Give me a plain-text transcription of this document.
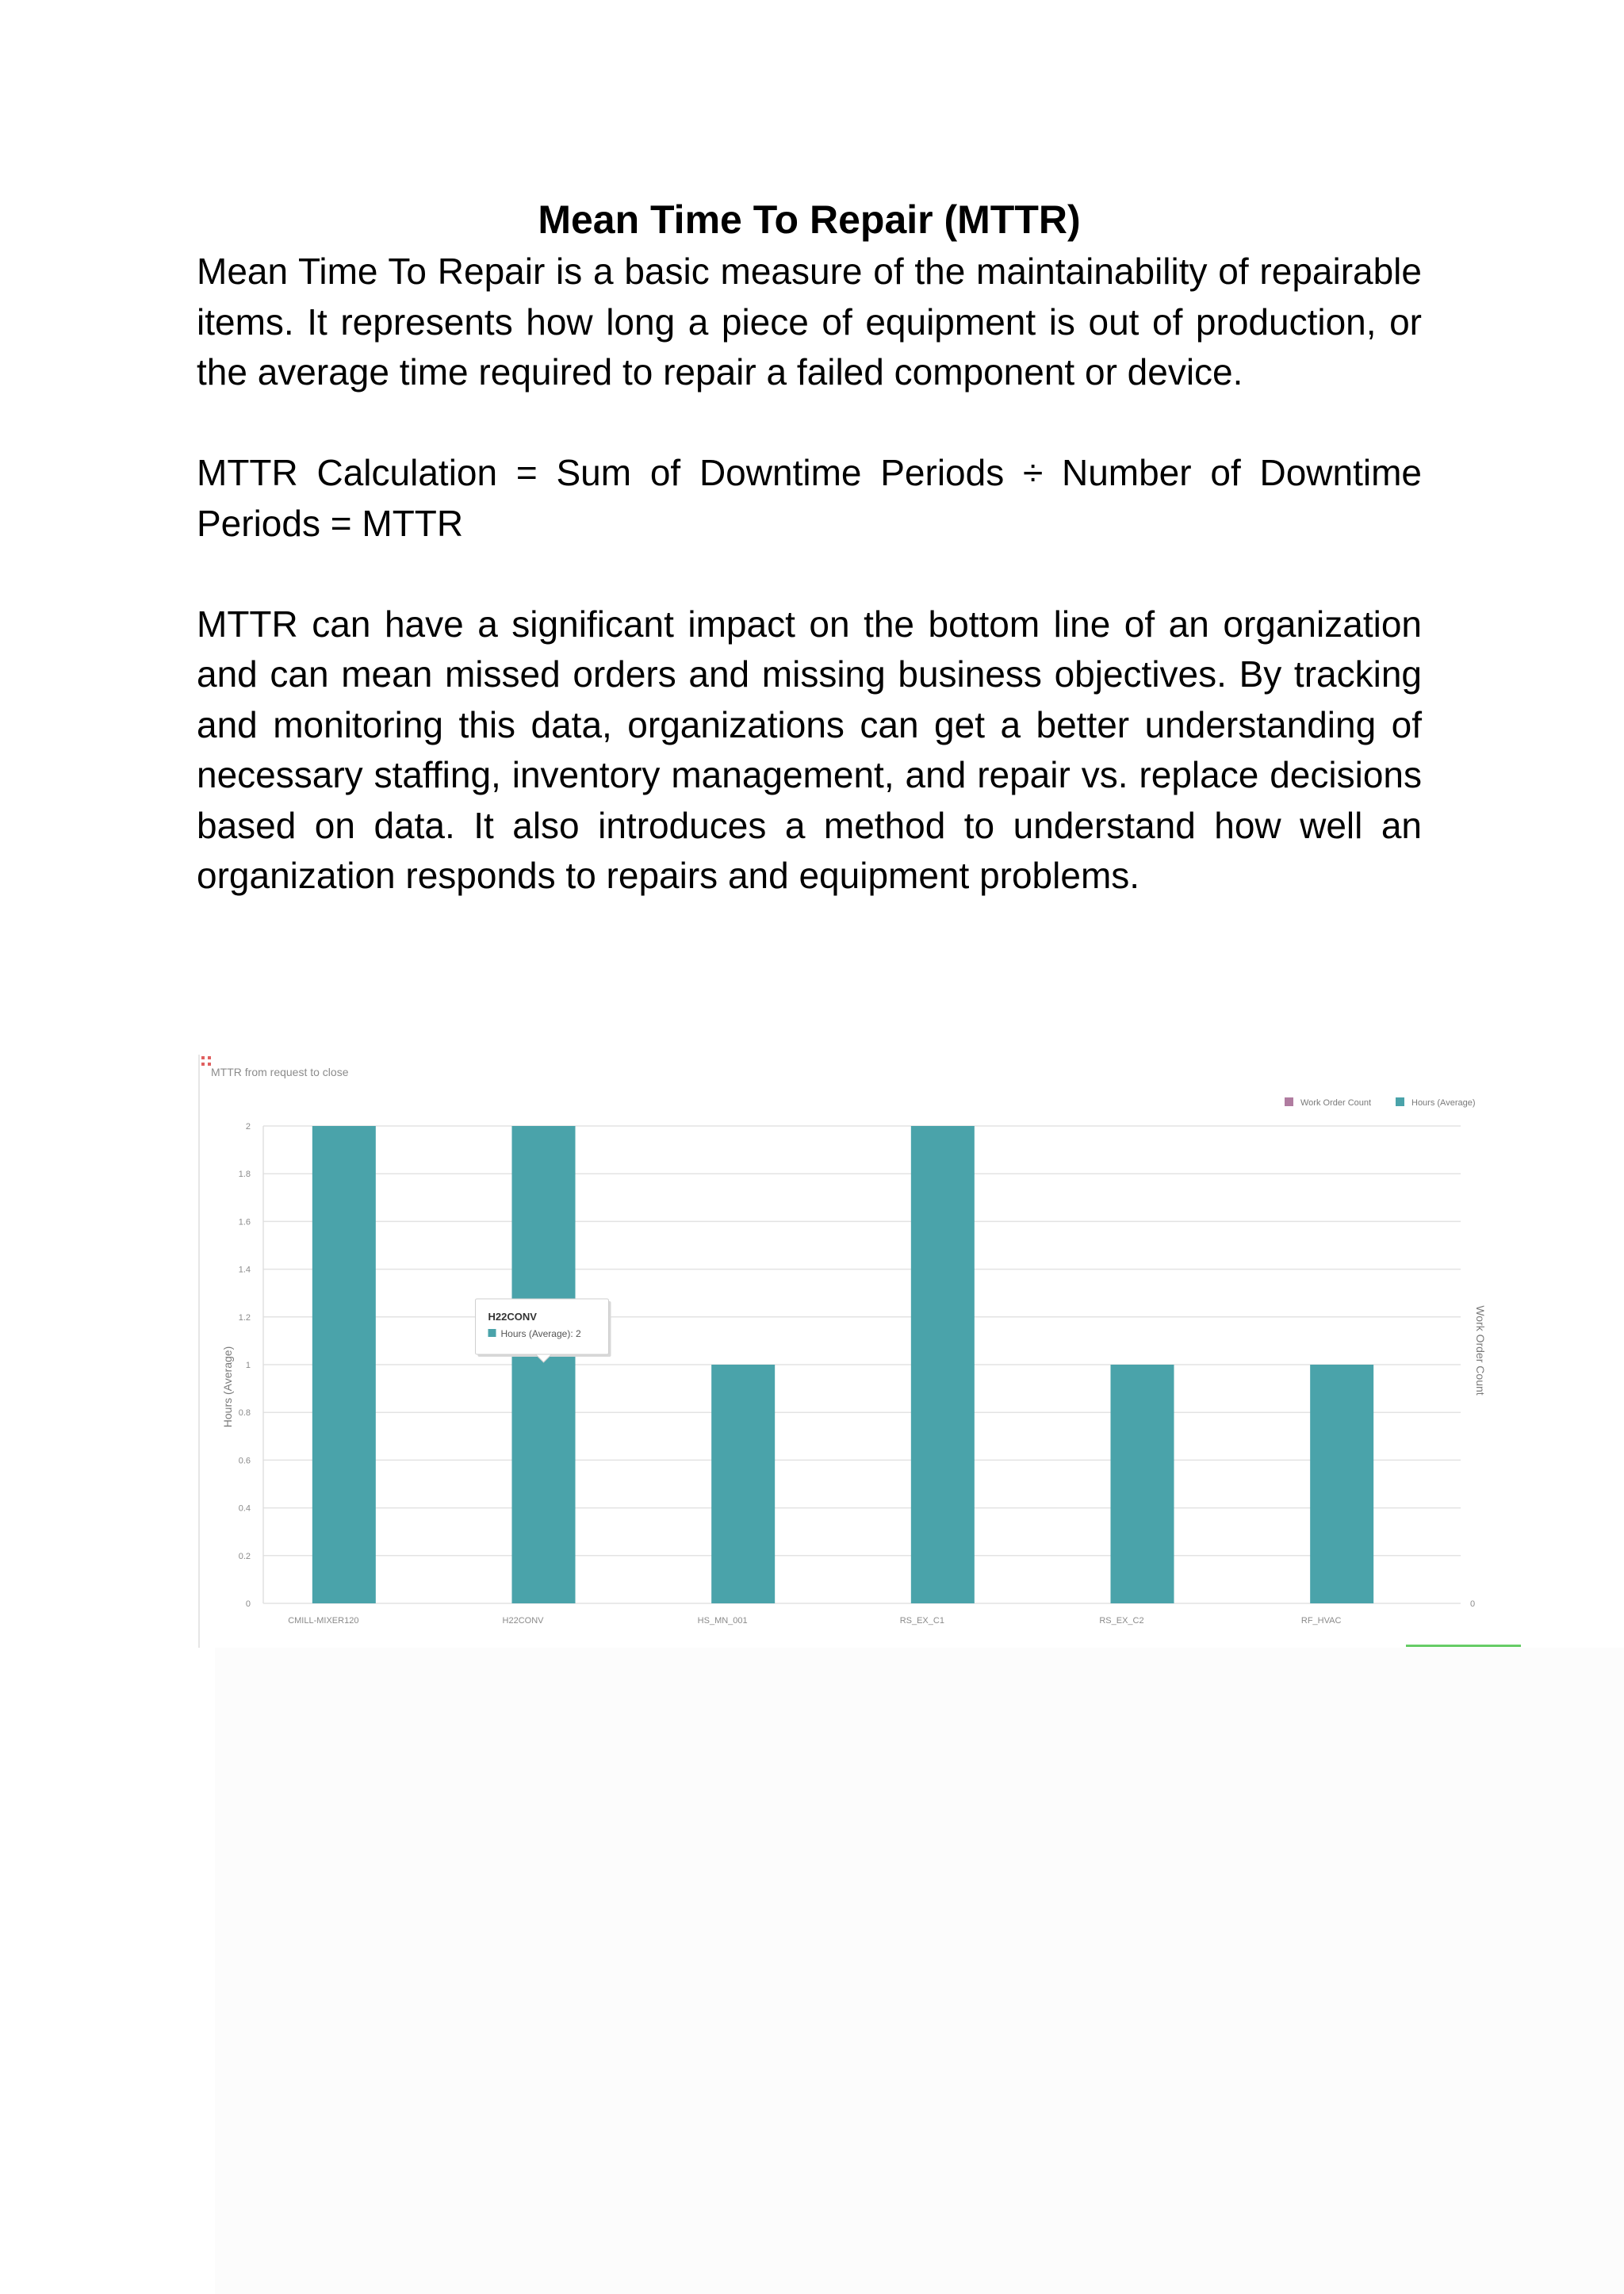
Mean Time To Repair (MTTR)

Mean Time To Repair is a basic measure of the maintainability of repairable items. It represents how long a piece of equipment is out of production, or the average time required to repair a failed component or device.

MTTR Calculation = Sum of Downtime Periods ÷ Number of Downtime Periods = MTTR

MTTR can have a significant impact on the bottom line of an organization and can mean missed orders and missing business objectives. By tracking and monitoring this data, organizations can get a better understanding of necessary staffing, inventory management, and repair vs. replace decisions based on data. It also introduces a method to understand how well an organization responds to repairs and equipment problems.

MTTR from request to close
0
0.2
0.4
0.6
0.8
1
1.2
1.4
1.6
1.8
2
0
CMILL-MIXER120	H22CONV	HS_MN_001	RS_EX_C1	RS_EX_C2	RF_HVAC
Hours (Average)	Work Order Count
Work Order Count	Hours (Average)
H22CONV
Hours (Average): 2
